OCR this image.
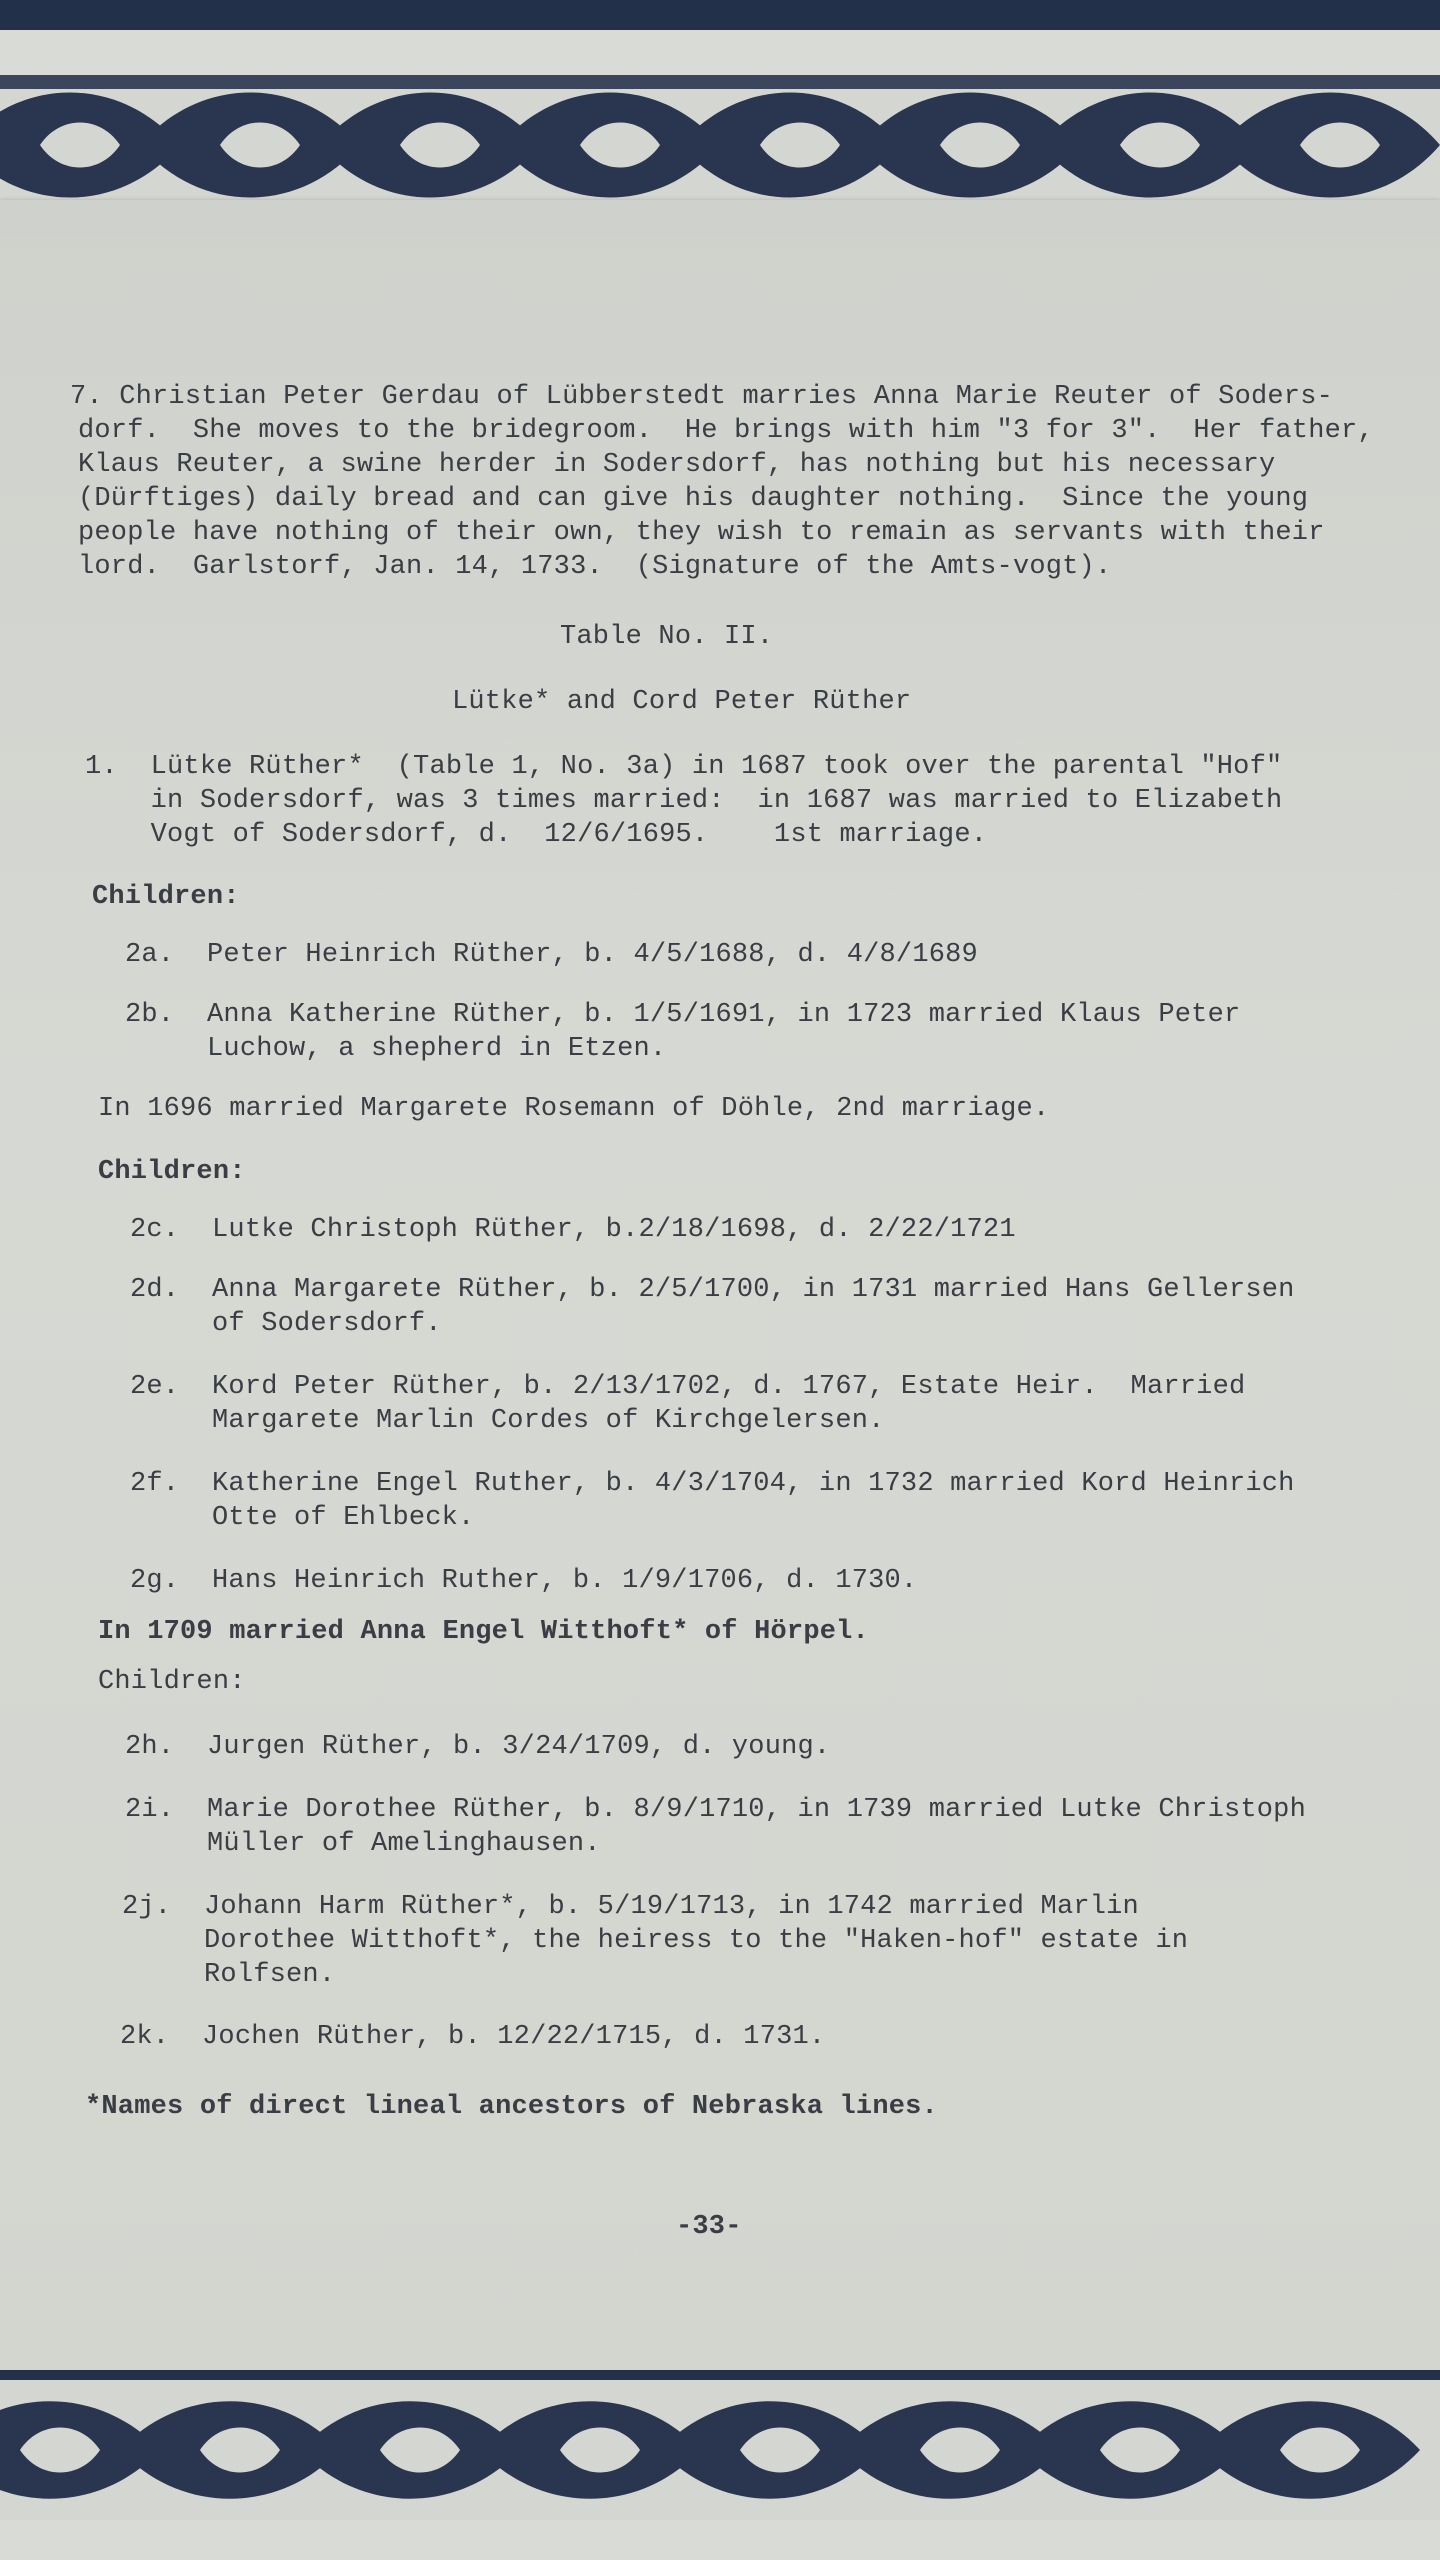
7. Christian Peter Gerdau of Lübberstedt marries Anna Marie Reuter of Soders-
dorf.  She moves to the bridegroom.  He brings with him "3 for 3".  Her father,
Klaus Reuter, a swine herder in Sodersdorf, has nothing but his necessary
(Dürftiges) daily bread and can give his daughter nothing.  Since the young
people have nothing of their own, they wish to remain as servants with their
lord.  Garlstorf, Jan. 14, 1733.  (Signature of the Amts-vogt).
Table No. II.
Lütke* and Cord Peter Rüther
1.  Lütke Rüther*  (Table 1, No. 3a) in 1687 took over the parental "Hof"
in Sodersdorf, was 3 times married:  in 1687 was married to Elizabeth
Vogt of Sodersdorf, d.  12/6/1695.    1st marriage.
Children:
2a.  Peter Heinrich Rüther, b. 4/5/1688, d. 4/8/1689
2b.  Anna Katherine Rüther, b. 1/5/1691, in 1723 married Klaus Peter
Luchow, a shepherd in Etzen.
In 1696 married Margarete Rosemann of Döhle, 2nd marriage.
Children:
2c.  Lutke Christoph Rüther, b.2/18/1698, d. 2/22/1721
2d.  Anna Margarete Rüther, b. 2/5/1700, in 1731 married Hans Gellersen
of Sodersdorf.
2e.  Kord Peter Rüther, b. 2/13/1702, d. 1767, Estate Heir.  Married
Margarete Marlin Cordes of Kirchgelersen.
2f.  Katherine Engel Ruther, b. 4/3/1704, in 1732 married Kord Heinrich
Otte of Ehlbeck.
2g.  Hans Heinrich Ruther, b. 1/9/1706, d. 1730.
In 1709 married Anna Engel Witthoft* of Hörpel.
Children:
2h.  Jurgen Rüther, b. 3/24/1709, d. young.
2i.  Marie Dorothee Rüther, b. 8/9/1710, in 1739 married Lutke Christoph
Müller of Amelinghausen.
2j.  Johann Harm Rüther*, b. 5/19/1713, in 1742 married Marlin
Dorothee Witthoft*, the heiress to the "Haken-hof" estate in
Rolfsen.
2k.  Jochen Rüther, b. 12/22/1715, d. 1731.
*Names of direct lineal ancestors of Nebraska lines.
-33-
